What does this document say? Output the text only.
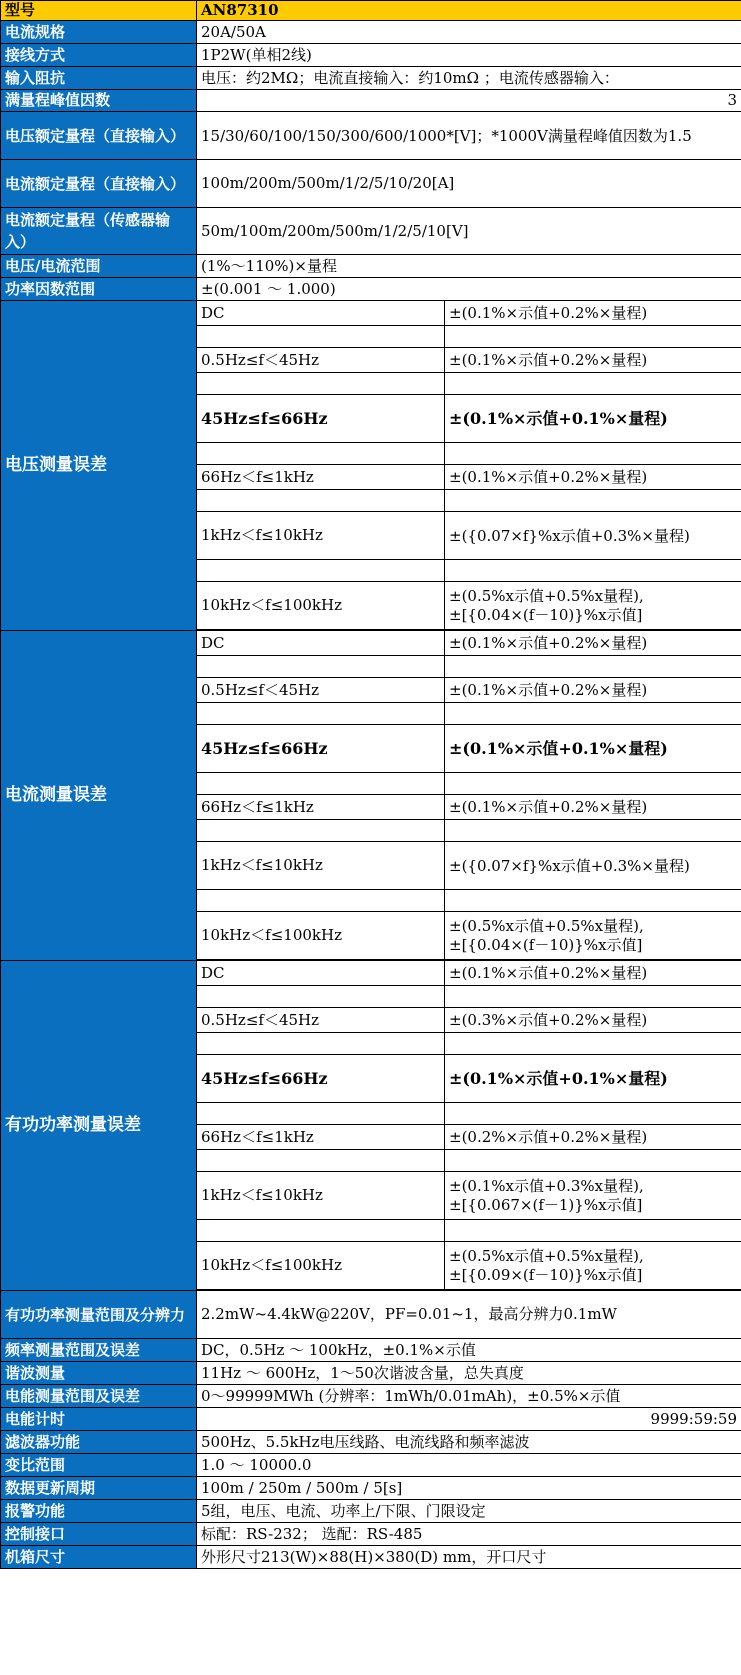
型号	AN87310	
电流规格	20A/50A	
接线方式	1P2W(单相2线)	
输入阻抗	电压：约2MΩ；电流直接输入：约10mΩ ；电流传感器输入：	
满量程峰值因数	3	
电压额定量程（直接输入）	15/30/60/100/150/300/600/1000*[V]；*1000V满量程峰值因数为1.5	
电流额定量程（直接输入）	100m/200m/500m/1/2/5/10/20[A]	
电流额定量程（传感器输入）	50m/100m/200m/500m/1/2/5/10[V]	
电压/电流范围	(1%～110%)×量程	
功率因数范围	±(0.001 ～ 1.000)	
电压测量误差	DC	±(0.1%×示值+0.2%×量程)

	0.5Hz≤f＜45Hz	±(0.1%×示值+0.2%×量程)

	45Hz≤f≤66Hz	±(0.1%×示值+0.1%×量程)

	66Hz＜f≤1kHz	±(0.1%×示值+0.2%×量程)

	1kHz＜f≤10kHz	±({0.07×f}%x示值+0.3%×量程)

	10kHz＜f≤100kHz	±(0.5%x示值+0.5%x量程),
±[{0.04×(f－10)}%x示值]

电流测量误差	DC	±(0.1%×示值+0.2%×量程)

	0.5Hz≤f＜45Hz	±(0.1%×示值+0.2%×量程)

	45Hz≤f≤66Hz	±(0.1%×示值+0.1%×量程)

	66Hz＜f≤1kHz	±(0.1%×示值+0.2%×量程)

	1kHz＜f≤10kHz	±({0.07×f}%x示值+0.3%×量程)

	10kHz＜f≤100kHz	±(0.5%x示值+0.5%x量程),
±[{0.04×(f－10)}%x示值]

有功功率测量误差	DC	±(0.1%×示值+0.2%×量程)

	0.5Hz≤f＜45Hz	±(0.3%×示值+0.2%×量程)

	45Hz≤f≤66Hz	±(0.1%×示值+0.1%×量程)

	66Hz＜f≤1kHz	±(0.2%×示值+0.2%×量程)

	1kHz＜f≤10kHz	±(0.1%x示值+0.3%x量程),
±[{0.067×(f－1)}%x示值]

	10kHz＜f≤100kHz	±(0.5%x示值+0.5%x量程),
±[{0.09×(f－10)}%x示值]

有功功率测量范围及分辨力	2.2mW~4.4kW@220V，PF=0.01~1，最高分辨力0.1mW	
频率测量范围及误差	DC，0.5Hz ～ 100kHz，±0.1%×示值	
谐波测量	11Hz ～ 600Hz，1～50次谐波含量，总失真度	
电能测量范围及误差	0～99999MWh (分辨率：1mWh/0.01mAh)，±0.5%×示值	
电能计时	9999:59:59	
滤波器功能	500Hz、5.5kHz电压线路、电流线路和频率滤波	
变比范围	1.0 ～ 10000.0	
数据更新周期	100m / 250m / 500m / 5[s]	
报警功能	5组，电压、电流、功率上/下限、门限设定	
控制接口	标配：RS-232； 选配：RS-485	
机箱尺寸	外形尺寸213(W)×88(H)×380(D) mm，开口尺寸	
